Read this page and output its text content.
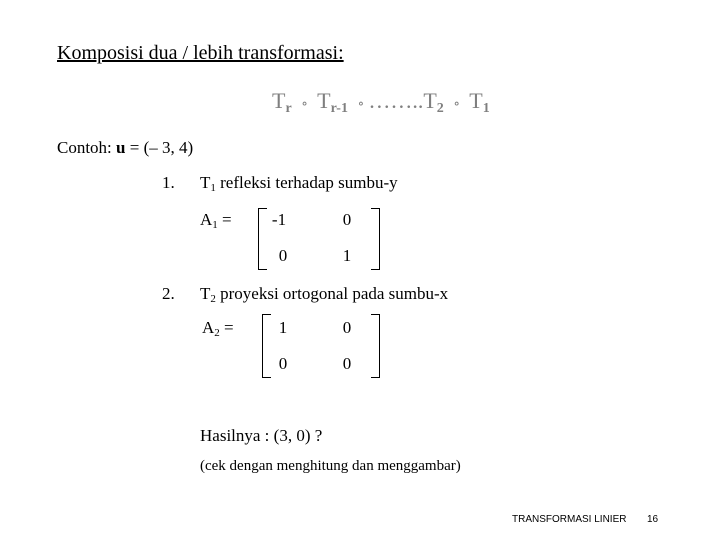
Komposisi dua / lebih transformasi:
$T_r$ ∘ $T_{r-1}$ ∘ $\dots\dots..T_2$ ∘ $T_1$
Contoh: u = (– 3, 4)
1. $T_1$ refleksi terhadap sumbu-y
$A_1$ =	-1	0
0	1
2. $T_2$ proyeksi ortogonal pada sumbu-x
$A_2$ =	1	0
0	0
Hasilnya : (3, 0) ?
(cek dengan menghitung dan menggambar)
TRANSFORMASI LINIER 16
